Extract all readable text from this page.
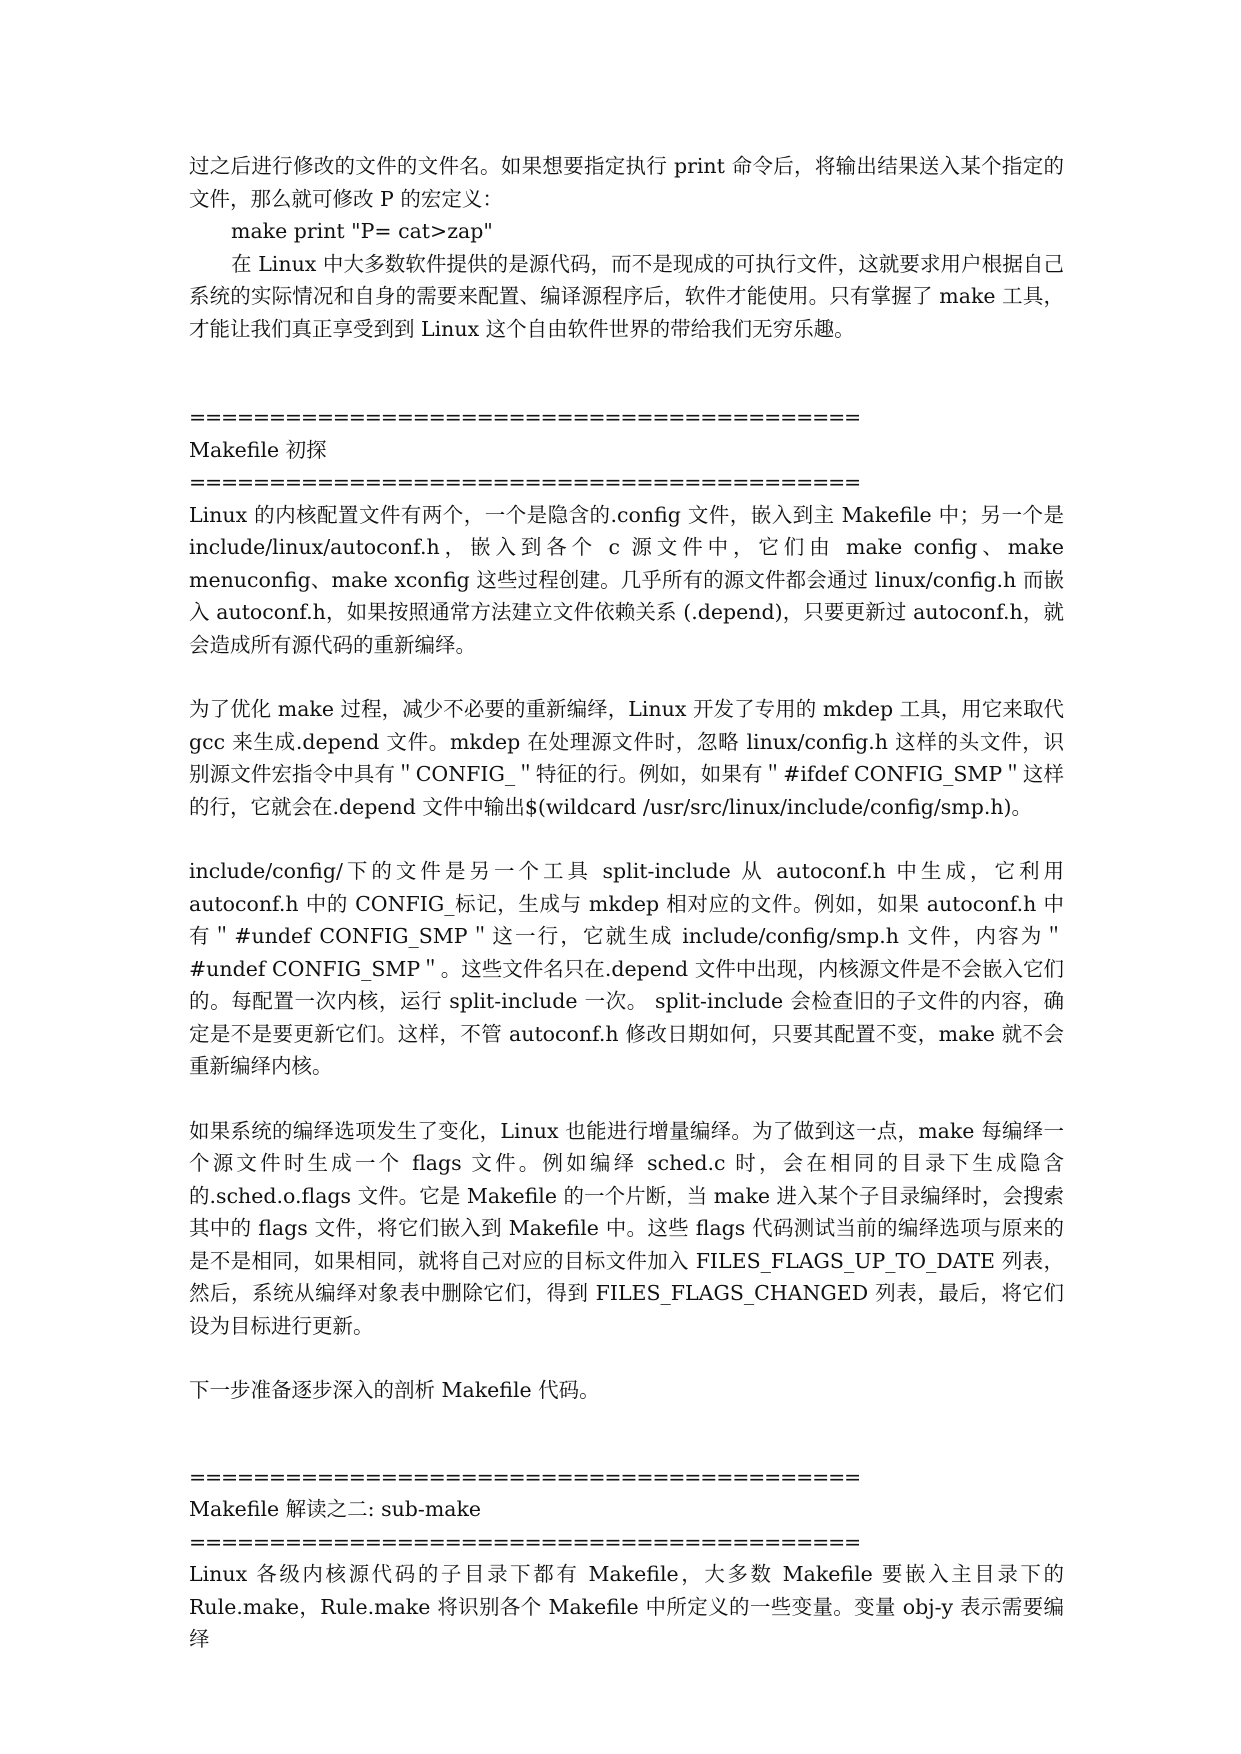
过之后进行修改的文件的文件名。如果想要指定执行 print 命令后，将输出结果送入某个指定的文件，那么就可修改 P 的宏定义：

make print "P= cat>zap"

在 Linux 中大多数软件提供的是源代码，而不是现成的可执行文件，这就要求用户根据自己系统的实际情况和自身的需要来配置、编译源程序后，软件才能使用。只有掌握了 make 工具，才能让我们真正享受到到 Linux 这个自由软件世界的带给我们无穷乐趣。

==========================================

Makefile 初探

==========================================

Linux 的内核配置文件有两个，一个是隐含的.config 文件，嵌入到主 Makefile 中；另一个是 include/linux/autoconf.h，嵌入到各个 c 源文件中，它们由 make config、make menuconfig、make xconfig 这些过程创建。几乎所有的源文件都会通过 linux/config.h 而嵌入 autoconf.h，如果按照通常方法建立文件依赖关系 (.depend)，只要更新过 autoconf.h，就会造成所有源代码的重新编绎。

为了优化 make 过程，减少不必要的重新编绎，Linux 开发了专用的 mkdep 工具，用它来取代 gcc 来生成.depend 文件。mkdep 在处理源文件时，忽略 linux/config.h 这样的头文件，识别源文件宏指令中具有＂CONFIG_＂特征的行。例如，如果有＂#ifdef CONFIG_SMP＂这样的行，它就会在.depend 文件中输出$(wildcard /usr/src/linux/include/config/smp.h)。

include/config/下的文件是另一个工具 split-include 从 autoconf.h 中生成，它利用 autoconf.h 中的 CONFIG_标记，生成与 mkdep 相对应的文件。例如，如果 autoconf.h 中有＂#undef CONFIG_SMP＂这一行，它就生成 include/config/smp.h 文件，内容为＂#undef CONFIG_SMP＂。这些文件名只在.depend 文件中出现，内核源文件是不会嵌入它们的。每配置一次内核，运行 split-include 一次。 split-include 会检查旧的子文件的内容，确定是不是要更新它们。这样，不管 autoconf.h 修改日期如何，只要其配置不变，make 就不会重新编绎内核。

如果系统的编绎选项发生了变化，Linux 也能进行增量编绎。为了做到这一点，make 每编绎一个源文件时生成一个 flags 文件。例如编绎 sched.c 时，会在相同的目录下生成隐含的.sched.o.flags 文件。它是 Makefile 的一个片断，当 make 进入某个子目录编绎时，会搜索其中的 flags 文件，将它们嵌入到 Makefile 中。这些 flags 代码测试当前的编绎选项与原来的是不是相同，如果相同，就将自己对应的目标文件加入 FILES_FLAGS_UP_TO_DATE 列表，然后，系统从编绎对象表中删除它们，得到 FILES_FLAGS_CHANGED 列表，最后，将它们设为目标进行更新。

下一步准备逐步深入的剖析 Makefile 代码。

==========================================

Makefile 解读之二: sub-make

==========================================

Linux 各级内核源代码的子目录下都有 Makefile，大多数 Makefile 要嵌入主目录下的 Rule.make，Rule.make 将识别各个 Makefile 中所定义的一些变量。变量 obj-y 表示需要编绎
